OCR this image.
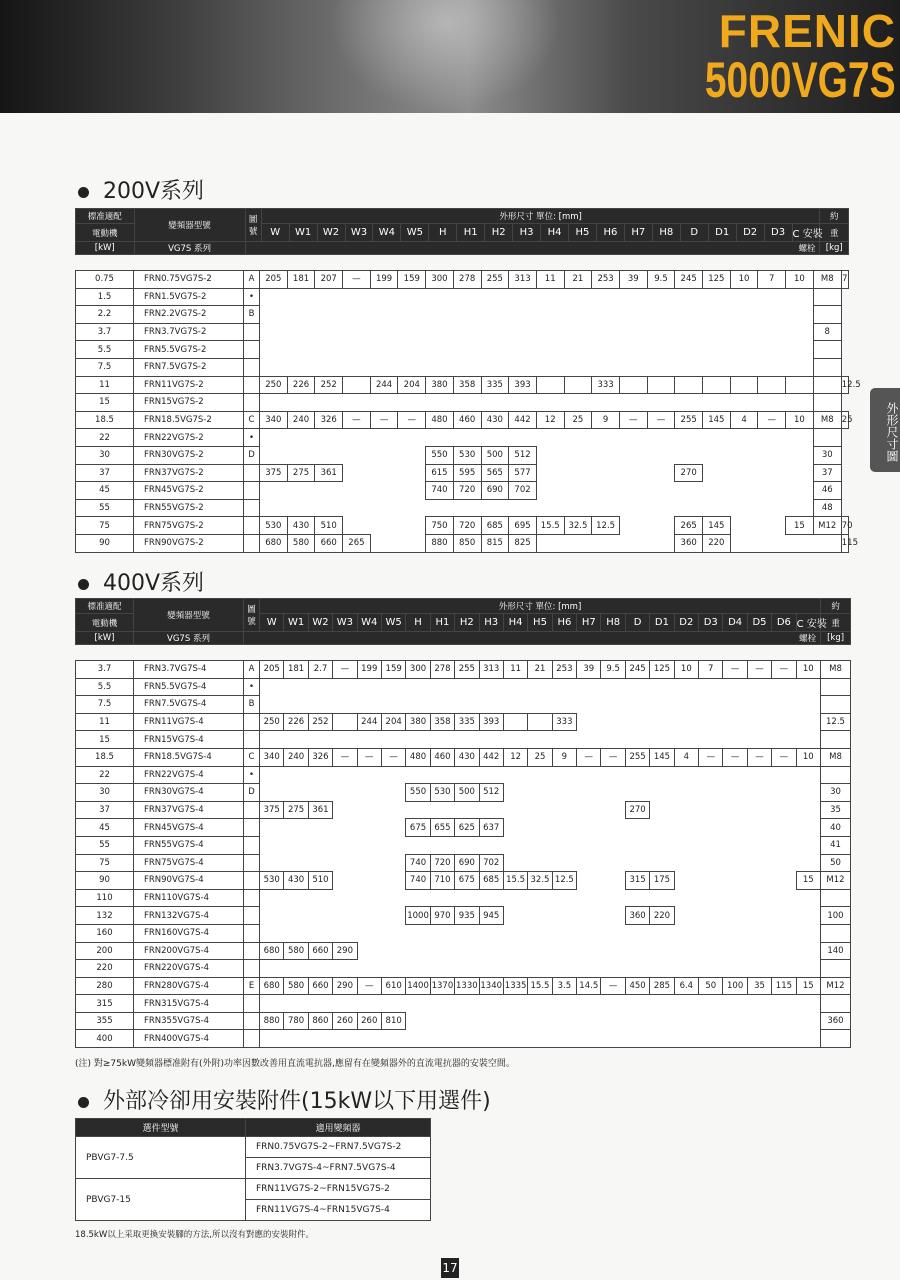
FRENIC
5000VG7S
外形尺寸圖
200V系列
標准適配	變頻器型號	圖
號	外形尺寸 單位: [mm]																				約
電動機			W	W1	W2	W3	W4	W5	H	H1	H2	H3	H4	H5	H6	H7	H8	D	D1	D2	D3	C 安裝	重
[kW]	VG7S 系列	螺栓																					[kg]
0.75	FRN0.75VG7S-2	A	205	181	207	—	199	159	300	278	255	313	11	21	253	39	9.5	245	125	10	7	10	M8	7
1.5	FRN1.5VG7S-2	•																						
2.2	FRN2.2VG7S-2	B																						
3.7	FRN3.7VG7S-2																						8	
5.5	FRN5.5VG7S-2																							
7.5	FRN7.5VG7S-2																							
11	FRN11VG7S-2		250	226	252		244	204	380	358	335	393			333									12.5
15	FRN15VG7S-2																							
18.5	FRN18.5VG7S-2	C	340	240	326	—	—	—	480	460	430	442	12	25	9	—	—	255	145	4	—	10	M8	25
22	FRN22VG7S-2	•																						
30	FRN30VG7S-2	D							550	530	500	512											30	
37	FRN37VG7S-2		375	275	361				615	595	565	577						270					37	
45	FRN45VG7S-2								740	720	690	702											46	
55	FRN55VG7S-2																						48	
75	FRN75VG7S-2		530	430	510				750	720	685	695	15.5	32.5	12.5			265	145			15	M12	70
90	FRN90VG7S-2		680	580	660	265			880	850	815	825						360	220					115
400V系列
標准適配	變頻器型號	圖
號	外形尺寸 單位: [mm]																							約
電動機			W	W1	W2	W3	W4	W5	H	H1	H2	H3	H4	H5	H6	H7	H8	D	D1	D2	D3	D4	D5	D6	C 安裝	重
[kW]	VG7S 系列	螺栓																								[kg]
3.7	FRN3.7VG7S-4	A	205	181	2.7	—	199	159	300	278	255	313	11	21	253	39	9.5	245	125	10	7	—	—	—	10	M8	
5.5	FRN5.5VG7S-4	•																									
7.5	FRN7.5VG7S-4	B																									
11	FRN11VG7S-4		250	226	252		244	204	380	358	335	393			333											12.5	
15	FRN15VG7S-4																										
18.5	FRN18.5VG7S-4	C	340	240	326	—	—	—	480	460	430	442	12	25	9	—	—	255	145	4	—	—	—	—	10	M8	
22	FRN22VG7S-4	•																									
30	FRN30VG7S-4	D							550	530	500	512														30	
37	FRN37VG7S-4		375	275	361													270								35	
45	FRN45VG7S-4								675	655	625	637														40	
55	FRN55VG7S-4																									41	
75	FRN75VG7S-4								740	720	690	702														50	
90	FRN90VG7S-4		530	430	510				740	710	675	685	15.5	32.5	12.5			315	175						15	M12	
110	FRN110VG7S-4																										
132	FRN132VG7S-4								1000	970	935	945						360	220							100	
160	FRN160VG7S-4																										
200	FRN200VG7S-4		680	580	660	290																				140	
220	FRN220VG7S-4																										
280	FRN280VG7S-4	E	680	580	660	290	—	610	1400	1370	1330	1340	1335	15.5	3.5	14.5	—	450	285	6.4	50	100	35	115	15	M12	
315	FRN315VG7S-4																										
355	FRN355VG7S-4		880	780	860	260	260	810																		360	
400	FRN400VG7S-4																										
(注) 對≥75kW變頻器標准附有(外附)功率因數改善用直流電抗器,應留有在變頻器外的直流電抗器的安裝空間。
外部冷卻用安裝附件(15kW以下用選件)
選件型號	適用變頻器
PBVG7-7.5	FRN0.75VG7S-2~FRN7.5VG7S-2
	FRN3.7VG7S-4~FRN7.5VG7S-4
PBVG7-15	FRN11VG7S-2~FRN15VG7S-2
	FRN11VG7S-4~FRN15VG7S-4
18.5kW以上采取更換安裝腳的方法,所以沒有對應的安裝附件。
17
